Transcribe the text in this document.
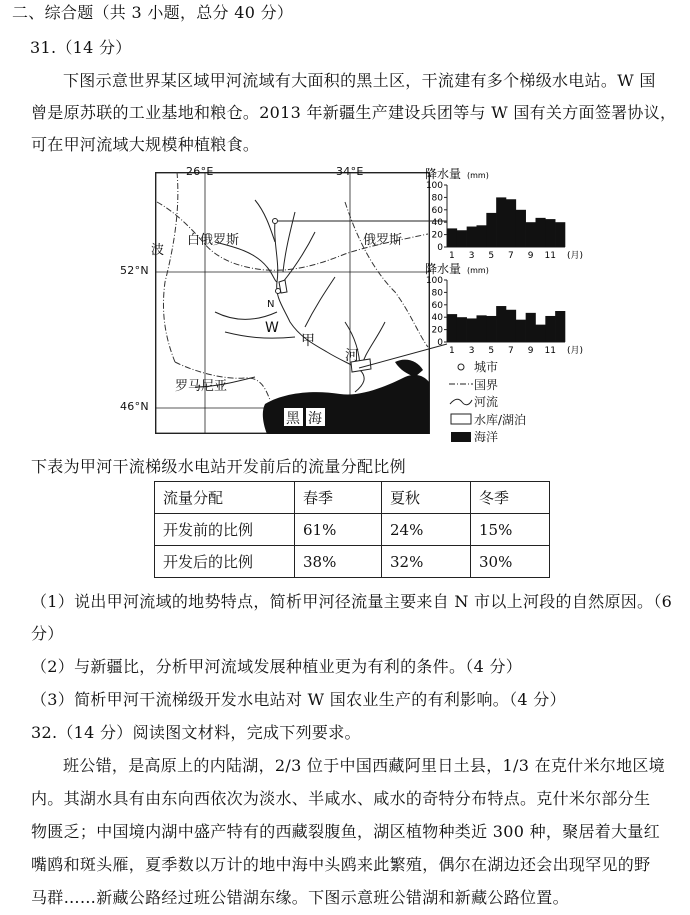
二、综合题（共 3 小题，总分 40 分）
31.（14 分）
下图示意世界某区域甲河流域有大面积的黑土区，干流建有多个梯级水电站。W 国
曾是原苏联的工业基地和粮仓。2013 年新疆生产建设兵团等与 W 国有关方面签署协议，
可在甲河流域大规模种植粮食。
白俄罗斯	俄罗斯
波
罗马尼亚
N
W
甲
河
黑 海
26°E	34°E
52°N
46°N
降水量 (mm)
100
80
60
40
20
0
1 3 5 7 9 11 (月)
降水量 (mm)
100
80
60
40
20
0
1 3 5 7 9 11 (月)
城市
国界
河流
水库/湖泊
海洋
下表为甲河干流梯级水电站开发前后的流量分配比例
流量分配	春季	夏秋	冬季
开发前的比例	61%	24%	15%
开发后的比例	38%	32%	30%
（1）说出甲河流域的地势特点，简析甲河径流量主要来自 N 市以上河段的自然原因。（6
分）
（2）与新疆比，分析甲河流域发展种植业更为有利的条件。（4 分）
（3）简析甲河干流梯级开发水电站对 W 国农业生产的有利影响。（4 分）
32.（14 分）阅读图文材料，完成下列要求。
班公错，是高原上的内陆湖，2/3 位于中国西藏阿里日土县，1/3 在克什米尔地区境
内。其湖水具有由东向西依次为淡水、半咸水、咸水的奇特分布特点。克什米尔部分生
物匮乏；中国境内湖中盛产特有的西藏裂腹鱼，湖区植物种类近 300 种，聚居着大量红
嘴鸥和斑头雁，夏季数以万计的地中海中头鸥来此繁殖，偶尔在湖边还会出现罕见的野
马群……新藏公路经过班公错湖东缘。下图示意班公错湖和新藏公路位置。
